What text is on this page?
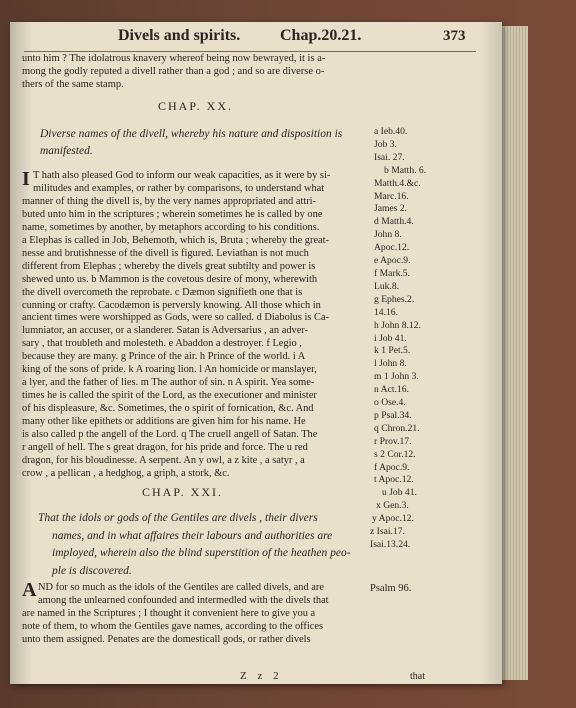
Divels and spirits. Chap.20.21.	373

unto him ? The idolatrous knavery whereof being now bewrayed, it is a-

mong the godly reputed a divell rather than a god ; and so are diverse o-

thers of the same stamp.

CHAP. XX.
Diverse names of the divell, whereby his nature and disposition is
manifested.
I T hath also pleased God to inform our weak capacities, as it were by si-

militudes and examples, or rather by comparisons, to understand what

manner of thing the divell is, by the very names appropriated and attri-

buted unto him in the scriptures ; wherein sometimes he is called by one

name, sometimes by another, by metaphors according to his conditions.

a Elephas is called in Job, Behemoth, which is, Bruta ; whereby the great-

nesse and brutishnesse of the divell is figured. Leviathan is not much

different from Elephas ; whereby the divels great subtilty and power is

shewed unto us. b Mammon is the covetous desire of mony, wherewith

the divell overcometh the reprobate. c Dæmon signifieth one that is

cunning or crafty. Cacodæmon is perversly knowing. All those which in

ancient times were worshipped as Gods, were so called. d Diabolus is Ca-

lumniator, an accuser, or a slanderer. Satan is Adversarius , an adver-

sary , that troubleth and molesteth. e Abaddon a destroyer. f Legio ,

because they are many. g Prince of the air. h Prince of the world. i A

king of the sons of pride. k A roaring lion. l An homicide or manslayer,

a lyer, and the father of lies. m The author of sin. n A spirit. Yea some-

times he is called the spirit of the Lord, as the executioner and minister

of his displeasure, &c. Sometimes, the o spirit of fornication, &c. And

many other like epithets or additions are given him for his name. He

is also called p the angell of the Lord. q The cruell angell of Satan. The

r angell of hell. The s great dragon, for his pride and force. The u red

dragon, for his bloudinesse. A serpent. An y owl, a z kite , a satyr , a

crow , a pellican , a hedghog, a griph, a stork, &c.

CHAP. XXI.
That the idols or gods of the Gentiles are divels , their divers
names, and in what affaires their labours and authorities are
imployed, wherein also the blind superstition of the heathen peo-
ple is discovered.
A ND for so much as the idols of the Gentiles are called divels, and are

among the unlearned confounded and intermedled with the divels that

are named in the Scriptures ; I thought it convenient here to give you a

note of them, to whom the Gentiles gave names, according to the offices

unto them assigned. Penates are the domesticall gods, or rather divels

a Ieb.40.
Job 3.
Isai. 27.
b Matth. 6.
Matth.4.&c.
Marc.16.
James 2.
d Matth.4.
John 8.
Apoc.12.
e Apoc.9.
f Mark.5.
Luk.8.
g Ephes.2.
14.16.
h John 8.12.
i Job 41.
k 1 Pet.5.
l John 8.
m 1 John 3.
n Act.16.
o Ose.4.
p Psal.34.
q Chron.21.
r Prov.17.
s 2 Cor.12.
f Apoc.9.
t Apoc.12.
u Job 41.
x Gen.3.
y Apoc.12.
z Isai.17.
Isai.13.24.
Psalm 96.
Z z 2	that
